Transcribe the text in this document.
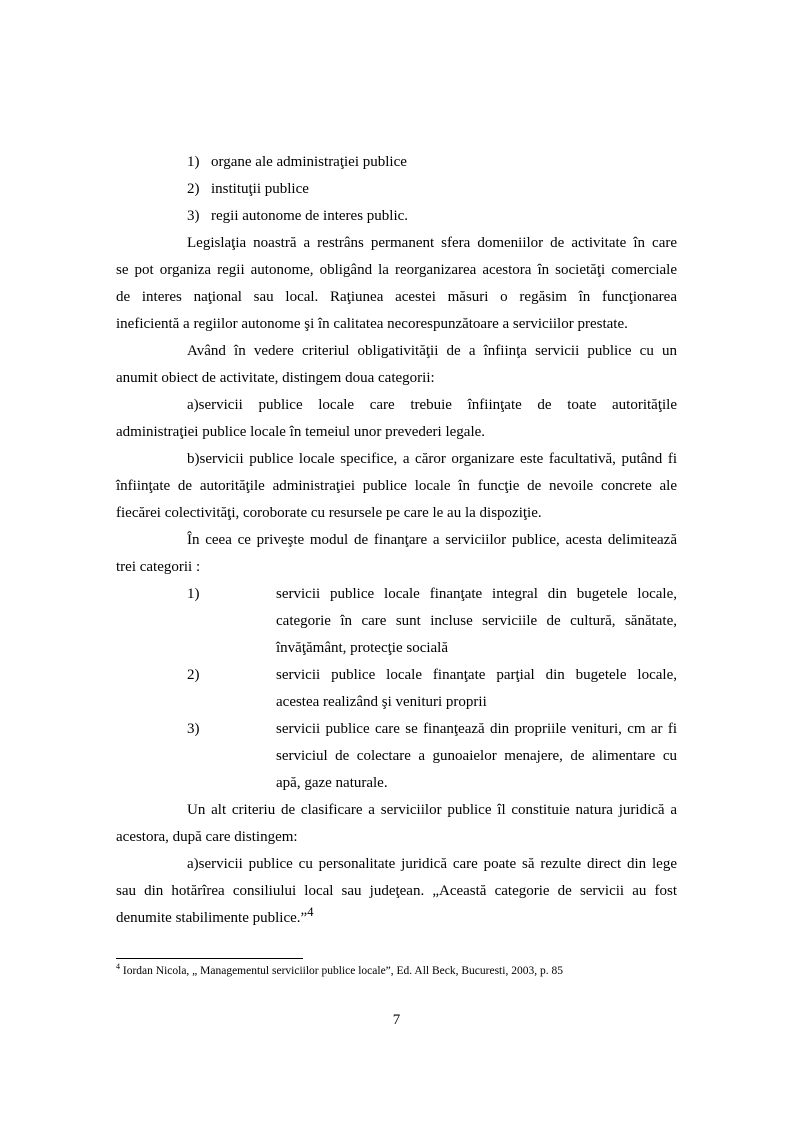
1) organe ale administraţiei publice
2) instituţii publice
3) regii autonome de interes public.
Legislaţia noastră a restrâns permanent sfera domeniilor de activitate în care
se pot organiza regii autonome, obligând la reorganizarea acestora în societăţi comerciale
de interes naţional sau local. Raţiunea acestei măsuri o regăsim în funcţionarea
ineficientă a regiilor autonome şi în calitatea necorespunzătoare a serviciilor prestate.
Având în vedere criteriul obligativităţii de a înfiinţa servicii publice cu un
anumit obiect de activitate, distingem doua categorii:
a)servicii publice locale care trebuie înfiinţate de toate autorităţile
administraţiei publice locale în temeiul unor prevederi legale.
b)servicii publice locale specifice, a căror organizare este facultativă, putând fi
înfiinţate de autorităţile administraţiei publice locale în funcţie de nevoile concrete ale
fiecărei colectivităţi, coroborate cu resursele pe care le au la dispoziţie.
În ceea ce priveşte modul de finanţare a serviciilor publice, acesta delimitează
trei categorii :
1)	servicii publice locale finanţate integral din bugetele locale,
categorie în care sunt incluse serviciile de cultură, sănătate,
învăţământ, protecţie socială
2)	servicii publice locale finanţate parţial din bugetele locale,
acestea realizând şi venituri proprii
3)	servicii publice care se finanţează din propriile venituri, cm ar fi
serviciul de colectare a gunoaielor menajere, de alimentare cu
apă, gaze naturale.
Un alt criteriu de clasificare a serviciilor publice îl constituie natura juridică a
acestora, după care distingem:
a)servicii publice cu personalitate juridică care poate să rezulte direct din lege
sau din hotărîrea consiliului local sau judeţean. „Această categorie de servicii au fost
denumite stabilimente publice.”$^4$
$^4$ Iordan Nicola, „ Managementul serviciilor publice locale”, Ed. All Beck, Bucuresti, 2003, p. 85
7
